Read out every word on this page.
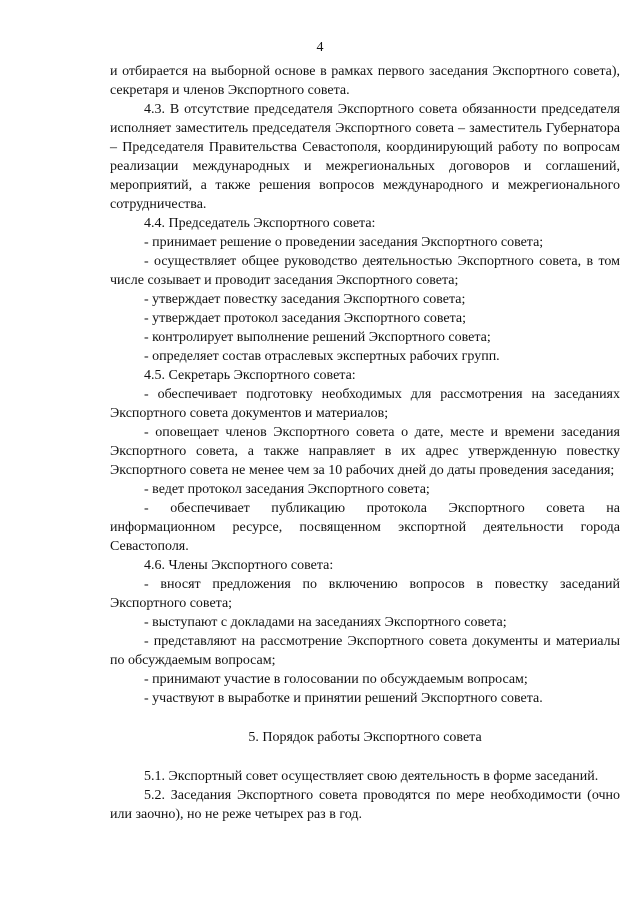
4

и отбирается на выборной основе в рамках первого заседания Экспортного совета), секретаря и членов Экспортного совета.

4.3. В отсутствие председателя Экспортного совета обязанности председателя исполняет заместитель председателя Экспортного совета – заместитель Губернатора – Председателя Правительства Севастополя, координирующий работу по вопросам реализации международных и межрегиональных договоров и соглашений, мероприятий, а также решения вопросов международного и межрегионального сотрудничества.

4.4. Председатель Экспортного совета:

- принимает решение о проведении заседания Экспортного совета;

- осуществляет общее руководство деятельностью Экспортного совета, в том числе созывает и проводит заседания Экспортного совета;

- утверждает повестку заседания Экспортного совета;

- утверждает протокол заседания Экспортного совета;

- контролирует выполнение решений Экспортного совета;

- определяет состав отраслевых экспертных рабочих групп.

4.5. Секретарь Экспортного совета:

- обеспечивает подготовку необходимых для рассмотрения на заседаниях Экспортного совета документов и материалов;

- оповещает членов Экспортного совета о дате, месте и времени заседания Экспортного совета, а также направляет в их адрес утвержденную повестку Экспортного совета не менее чем за 10 рабочих дней до даты проведения заседания;

- ведет протокол заседания Экспортного совета;

- обеспечивает публикацию протокола Экспортного совета на информационном ресурсе, посвященном экспортной деятельности города Севастополя.

4.6. Члены Экспортного совета:

- вносят предложения по включению вопросов в повестку заседаний Экспортного совета;

- выступают с докладами на заседаниях Экспортного совета;

- представляют на рассмотрение Экспортного совета документы и материалы по обсуждаемым вопросам;

- принимают участие в голосовании по обсуждаемым вопросам;

- участвуют в выработке и принятии решений Экспортного совета.

5. Порядок работы Экспортного совета

5.1. Экспортный совет осуществляет свою деятельность в форме заседаний.

5.2. Заседания Экспортного совета проводятся по мере необходимости (очно или заочно), но не реже четырех раз в год.
